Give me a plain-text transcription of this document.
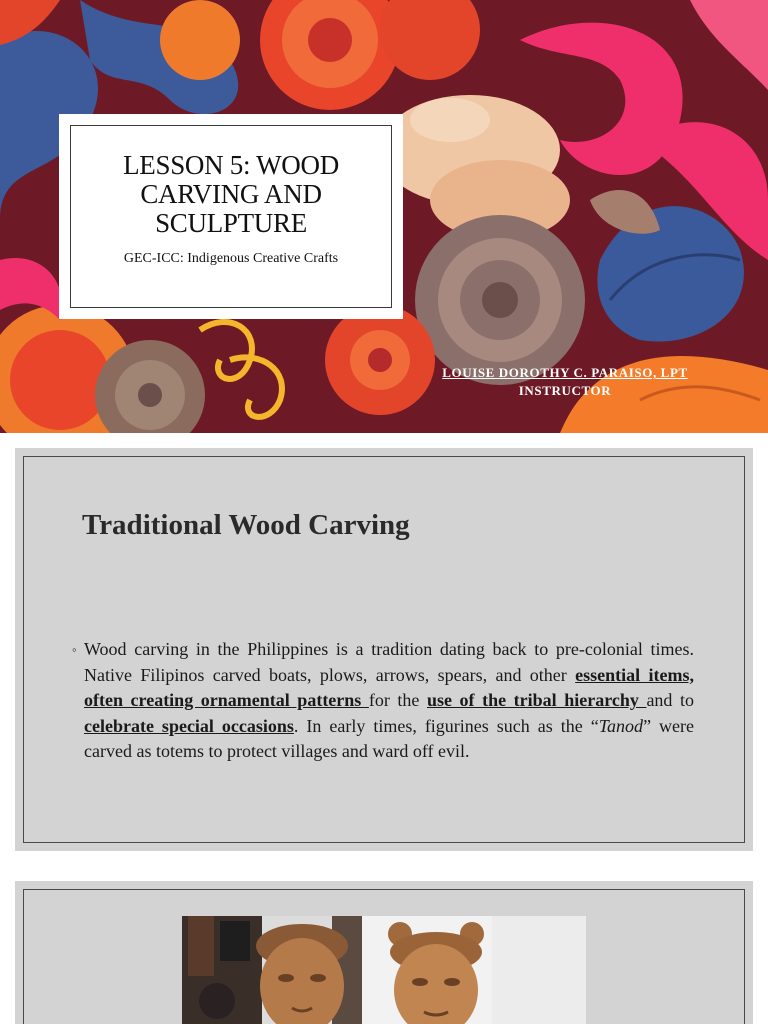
LESSON 5: WOOD CARVING AND SCULPTURE
GEC-ICC: Indigenous Creative Crafts
LOUISE DOROTHY C. PARAISO, LPT
INSTRUCTOR
Traditional Wood Carving
◦ Wood carving in the Philippines is a tradition dating back to pre-colonial times. Native Filipinos carved boats, plows, arrows, spears, and other essential items, often creating ornamental patterns for the use of the tribal hierarchy and to celebrate special occasions. In early times, figurines such as the “Tanod” were carved as totems to protect villages and ward off evil.
